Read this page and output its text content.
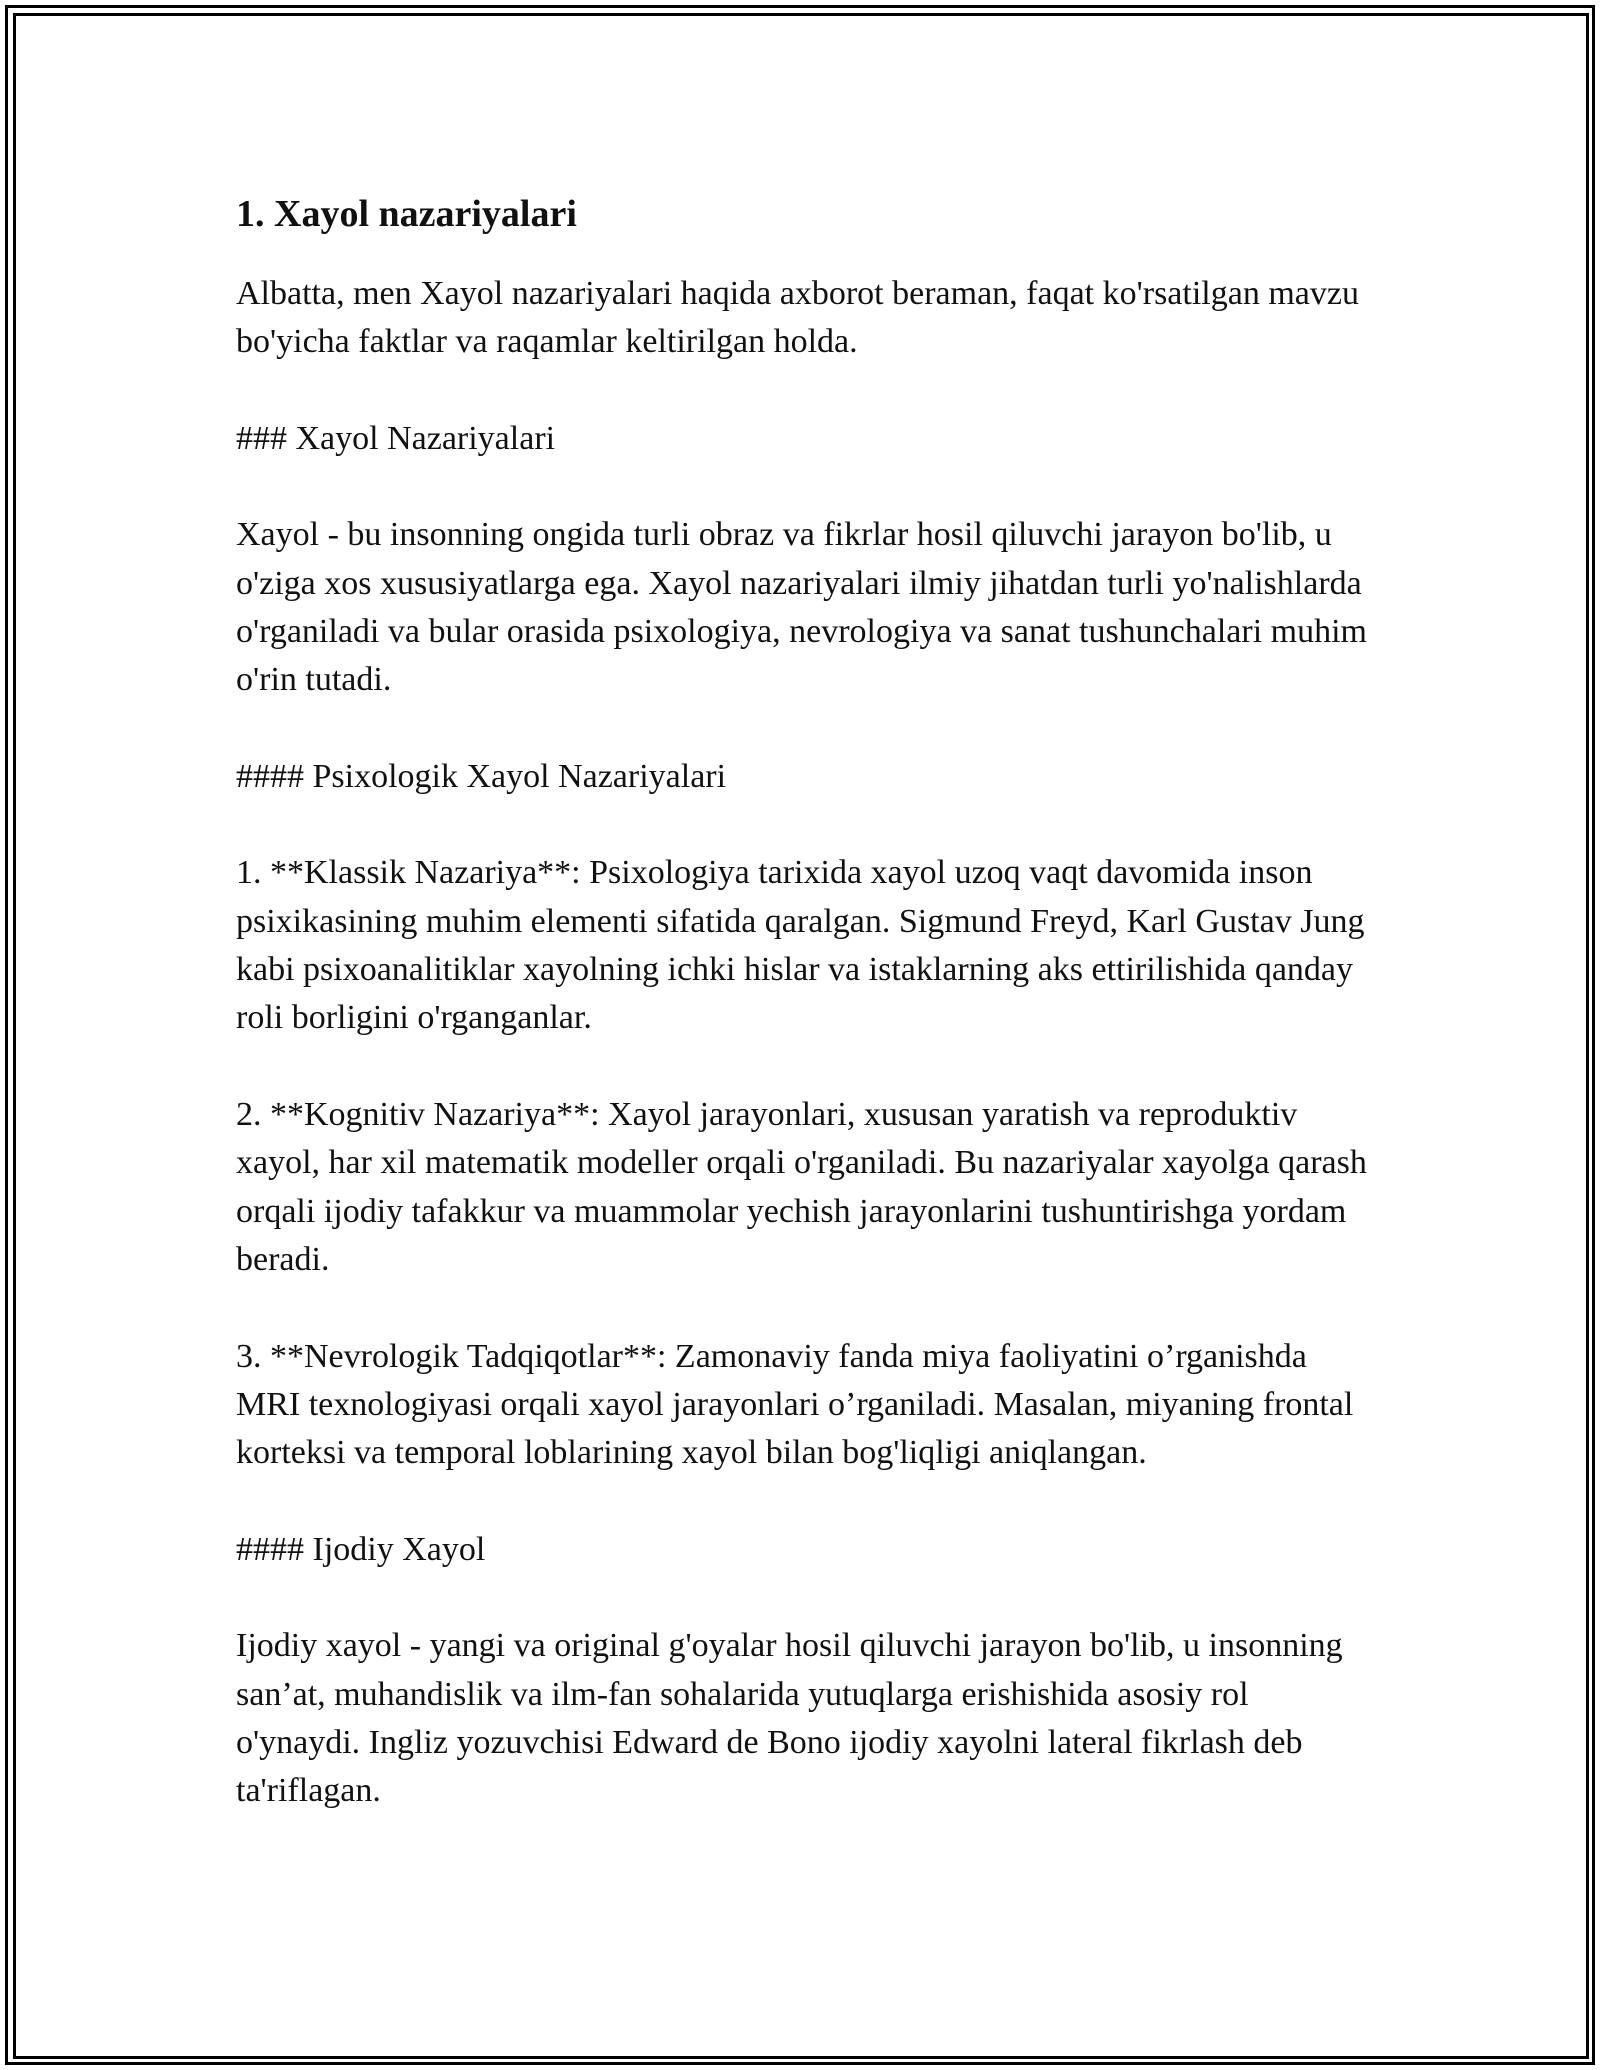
1. Xayol nazariyalari

Albatta, men Xayol nazariyalari haqida axborot beraman, faqat ko'rsatilgan mavzu bo'yicha faktlar va raqamlar keltirilgan holda.

### Xayol Nazariyalari

Xayol - bu insonning ongida turli obraz va fikrlar hosil qiluvchi jarayon bo'lib, u o'ziga xos xususiyatlarga ega. Xayol nazariyalari ilmiy jihatdan turli yo'nalishlarda o'rganiladi va bular orasida psixologiya, nevrologiya va sanat tushunchalari muhim o'rin tutadi.

#### Psixologik Xayol Nazariyalari

1. **Klassik Nazariya**: Psixologiya tarixida xayol uzoq vaqt davomida inson psixikasining muhim elementi sifatida qaralgan. Sigmund Freyd, Karl Gustav Jung kabi psixoanalitiklar xayolning ichki hislar va istaklarning aks ettirilishida qanday roli borligini o'rganganlar.

2. **Kognitiv Nazariya**: Xayol jarayonlari, xususan yaratish va reproduktiv xayol, har xil matematik modeller orqali o'rganiladi. Bu nazariyalar xayolga qarash orqali ijodiy tafakkur va muammolar yechish jarayonlarini tushuntirishga yordam beradi.

3. **Nevrologik Tadqiqotlar**: Zamonaviy fanda miya faoliyatini o’rganishda MRI texnologiyasi orqali xayol jarayonlari o’rganiladi. Masalan, miyaning frontal korteksi va temporal loblarining xayol bilan bog'liqligi aniqlangan.

#### Ijodiy Xayol

Ijodiy xayol - yangi va original g'oyalar hosil qiluvchi jarayon bo'lib, u insonning san’at, muhandislik va ilm-fan sohalarida yutuqlarga erishishida asosiy rol o'ynaydi. Ingliz yozuvchisi Edward de Bono ijodiy xayolni lateral fikrlash deb ta'riflagan.
